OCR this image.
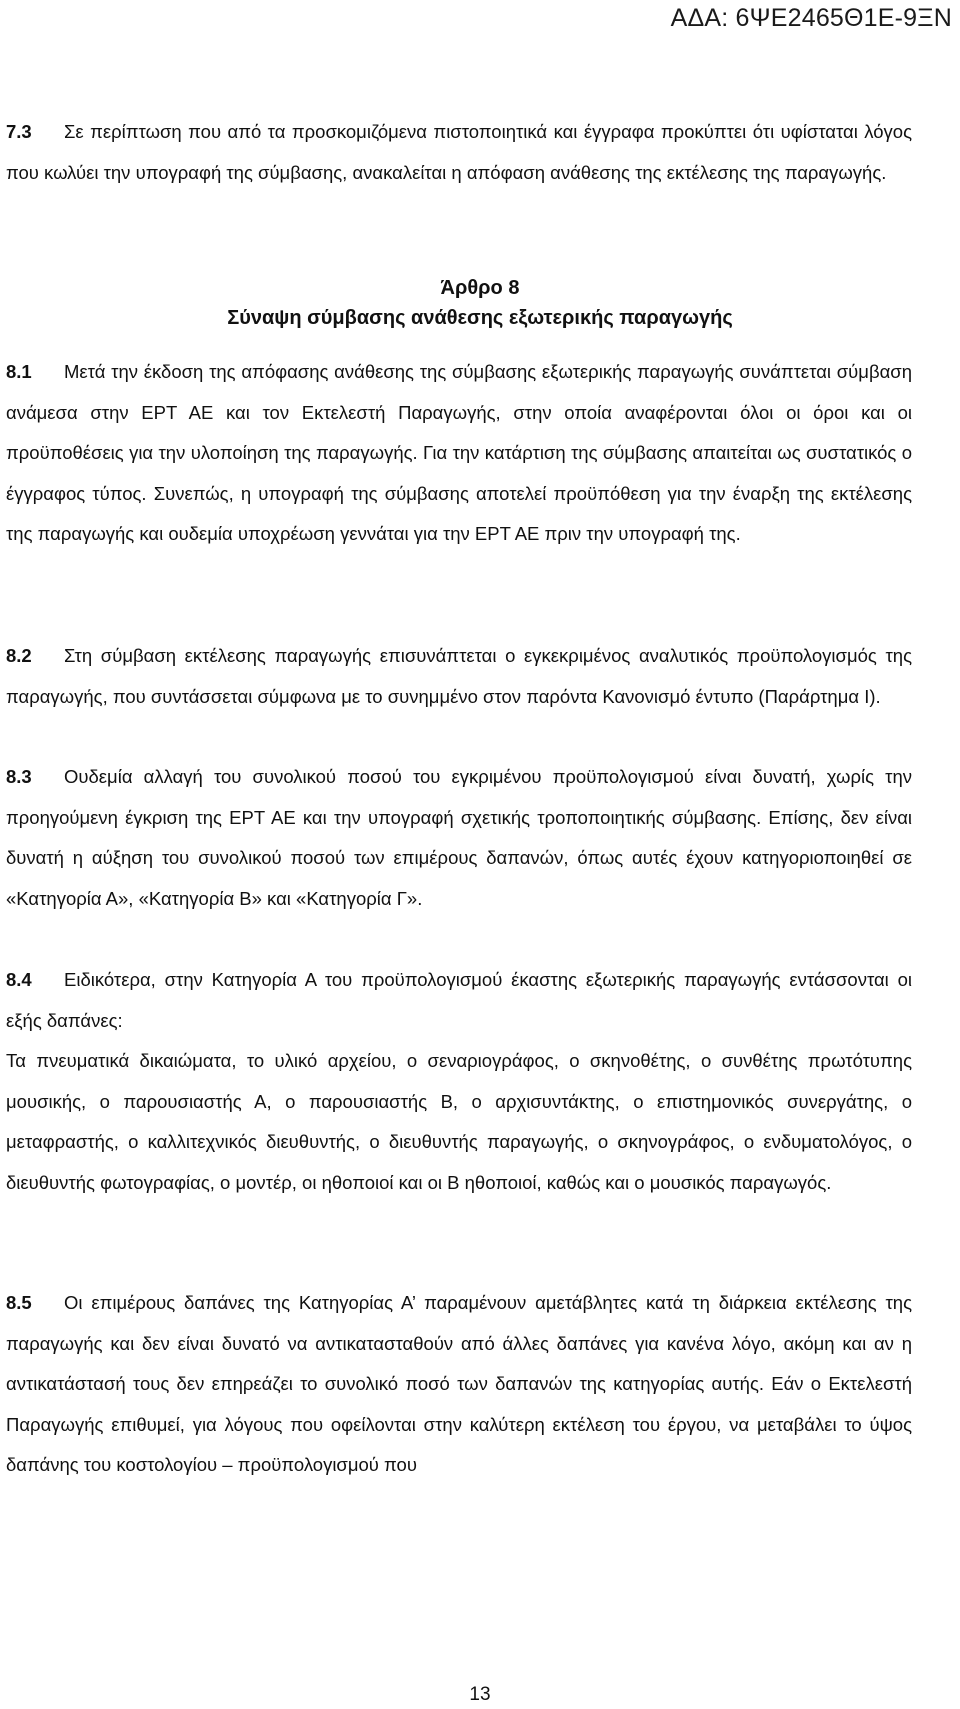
ΑΔΑ: 6ΨΕ2465Θ1Ε-9ΞΝ
7.3	Σε περίπτωση που από τα προσκομιζόμενα πιστοποιητικά και έγγραφα προκύπτει ότι υφίσταται λόγος που κωλύει την υπογραφή της σύμβασης, ανακαλείται η απόφαση ανάθεσης της εκτέλεσης της παραγωγής.
Άρθρο 8
Σύναψη σύμβασης ανάθεσης εξωτερικής παραγωγής
8.1	Μετά την έκδοση της απόφασης ανάθεσης της σύμβασης εξωτερικής παραγωγής συνάπτεται σύμβαση ανάμεσα στην ΕΡΤ ΑΕ και τον Εκτελεστή Παραγωγής, στην οποία αναφέρονται όλοι οι όροι και οι προϋποθέσεις για την υλοποίηση της παραγωγής. Για την κατάρτιση της σύμβασης απαιτείται ως συστατικός ο έγγραφος τύπος. Συνεπώς, η υπογραφή της σύμβασης αποτελεί προϋπόθεση για την έναρξη της εκτέλεσης της παραγωγής και ουδεμία υποχρέωση γεννάται για την ΕΡΤ ΑΕ πριν την υπογραφή της.
8.2	Στη σύμβαση εκτέλεσης παραγωγής επισυνάπτεται ο εγκεκριμένος αναλυτικός προϋπολογισμός της παραγωγής, που συντάσσεται σύμφωνα με το συνημμένο στον παρόντα Κανονισμό έντυπο (Παράρτημα Ι).
8.3	Ουδεμία αλλαγή του συνολικού ποσού του εγκριμένου προϋπολογισμού είναι δυνατή, χωρίς την προηγούμενη έγκριση της ΕΡΤ ΑΕ και την υπογραφή σχετικής τροποποιητικής σύμβασης. Επίσης, δεν είναι δυνατή η αύξηση του συνολικού ποσού των επιμέρους δαπανών, όπως αυτές έχουν κατηγοριοποιηθεί σε «Κατηγορία Α», «Κατηγορία Β» και «Κατηγορία Γ».
8.4	Ειδικότερα, στην Κατηγορία Α του προϋπολογισμού έκαστης εξωτερικής παραγωγής εντάσσονται οι εξής δαπάνες:
Τα πνευματικά δικαιώματα, το υλικό αρχείου, ο σεναριογράφος, ο σκηνοθέτης, ο συνθέτης πρωτότυπης μουσικής, ο παρουσιαστής Α, ο παρουσιαστής Β, ο αρχισυντάκτης, ο επιστημονικός συνεργάτης, ο μεταφραστής, ο καλλιτεχνικός διευθυντής, ο διευθυντής παραγωγής, ο σκηνογράφος, ο ενδυματολόγος, ο διευθυντής φωτογραφίας, ο μοντέρ, οι ηθοποιοί και οι Β ηθοποιοί, καθώς και ο μουσικός παραγωγός.
8.5	Οι επιμέρους δαπάνες της Κατηγορίας Α’ παραμένουν αμετάβλητες κατά τη διάρκεια εκτέλεσης της παραγωγής και δεν είναι δυνατό να αντικατασταθούν από άλλες δαπάνες για κανένα λόγο, ακόμη και αν η αντικατάστασή τους δεν επηρεάζει το συνολικό ποσό των δαπανών της κατηγορίας αυτής. Εάν ο Εκτελεστή Παραγωγής επιθυμεί, για λόγους που οφείλονται στην καλύτερη εκτέλεση του έργου, να μεταβάλει το ύψος δαπάνης του κοστολογίου – προϋπολογισμού που
13
